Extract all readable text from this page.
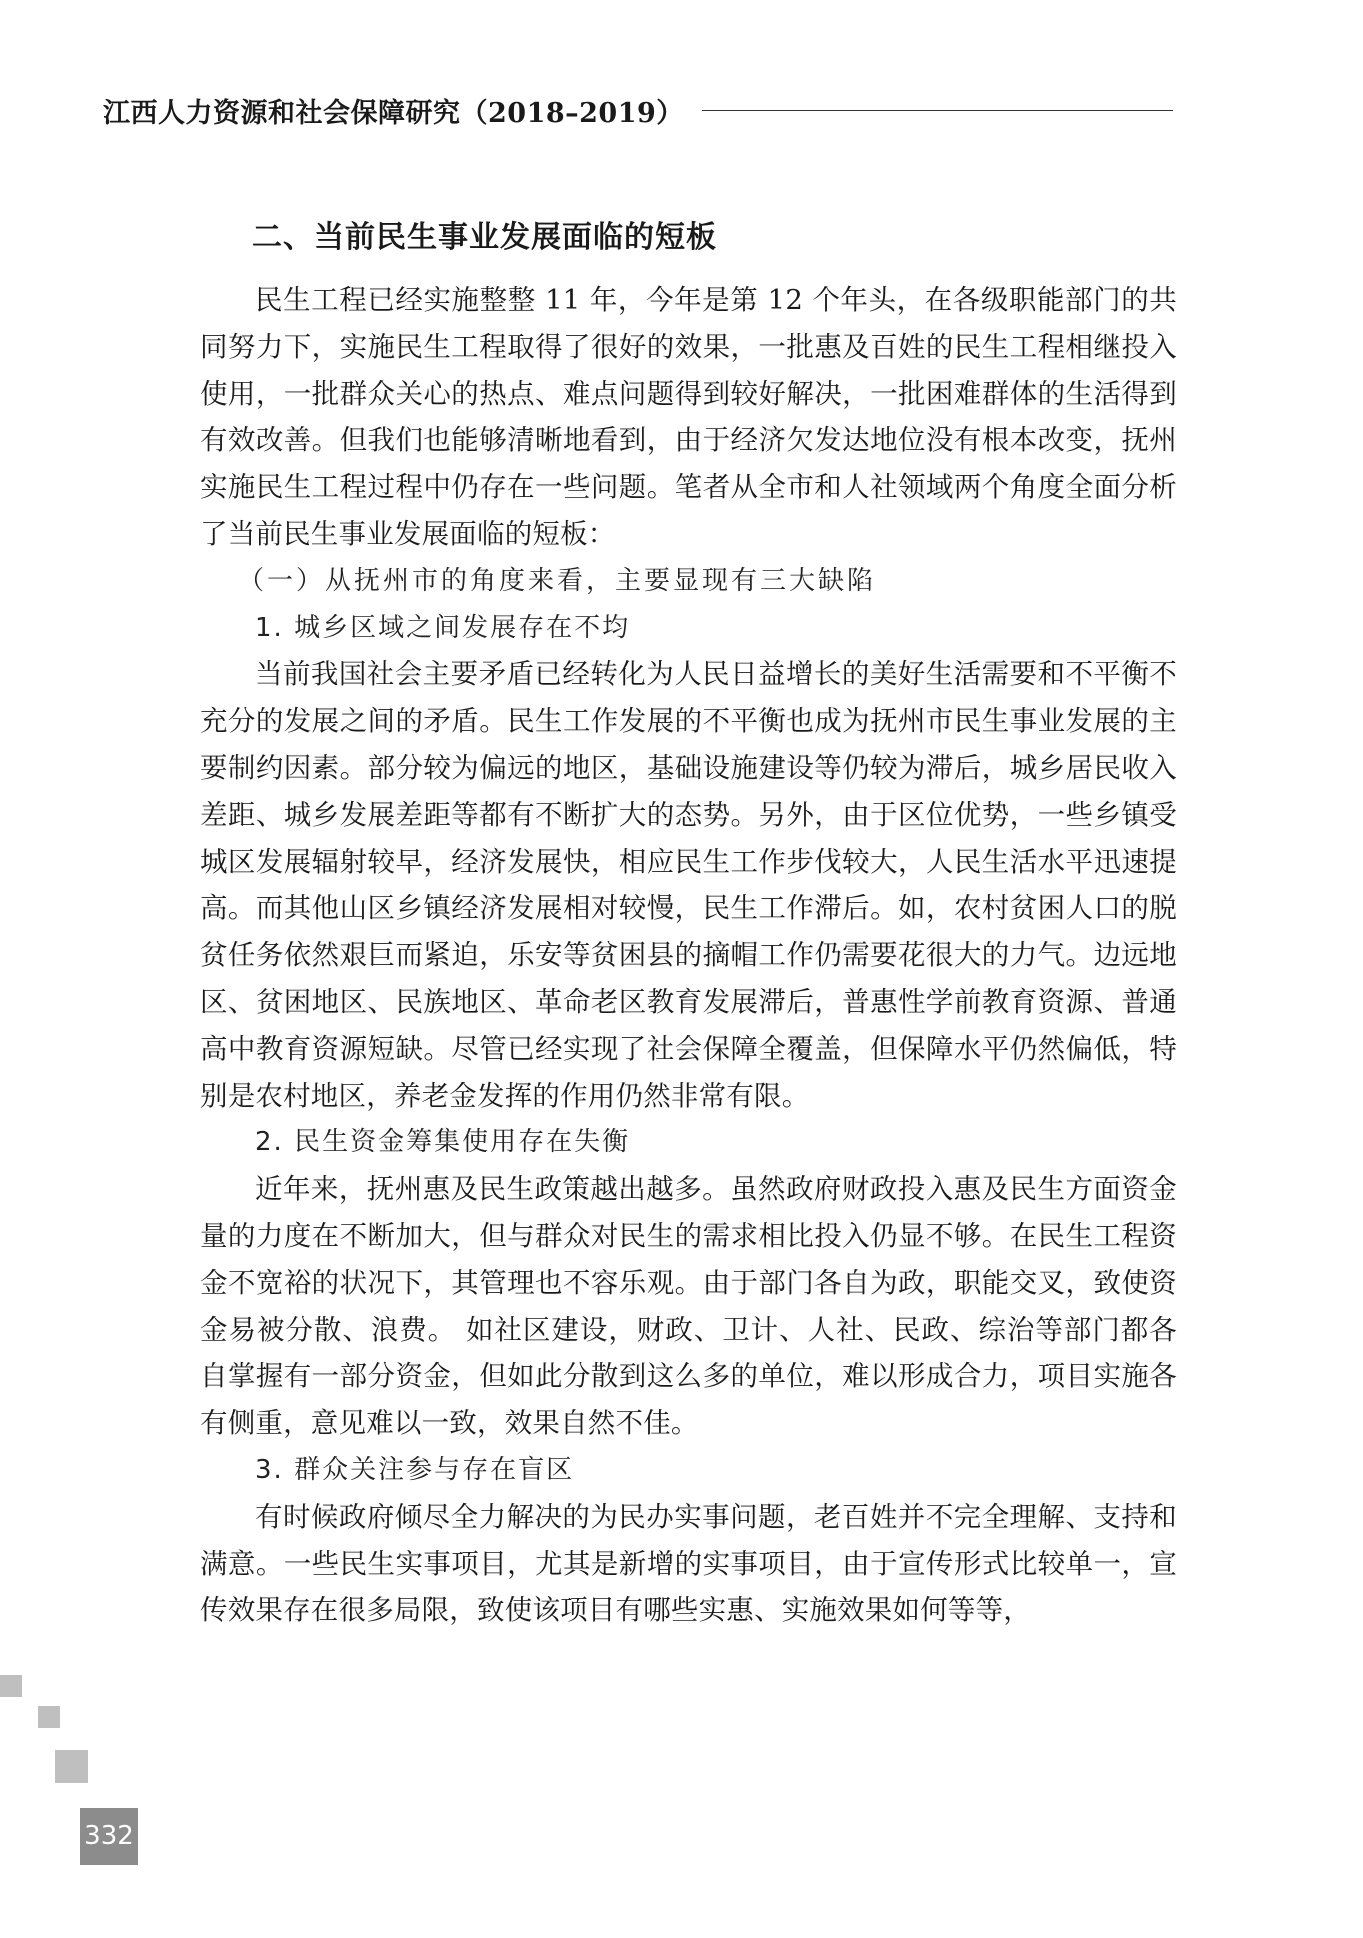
江西人力资源和社会保障研究（2018–2019）
二、当前民生事业发展面临的短板

民生工程已经实施整整 11 年，今年是第 12 个年头，在各级职能部门的共同努力下，实施民生工程取得了很好的效果，一批惠及百姓的民生工程相继投入使用，一批群众关心的热点、难点问题得到较好解决，一批困难群体的生活得到有效改善。但我们也能够清晰地看到，由于经济欠发达地位没有根本改变，抚州实施民生工程过程中仍存在一些问题。笔者从全市和人社领域两个角度全面分析了当前民生事业发展面临的短板：

（一）从抚州市的角度来看，主要显现有三大缺陷

1. 城乡区域之间发展存在不均

当前我国社会主要矛盾已经转化为人民日益增长的美好生活需要和不平衡不充分的发展之间的矛盾。民生工作发展的不平衡也成为抚州市民生事业发展的主要制约因素。部分较为偏远的地区，基础设施建设等仍较为滞后，城乡居民收入差距、城乡发展差距等都有不断扩大的态势。另外，由于区位优势，一些乡镇受城区发展辐射较早，经济发展快，相应民生工作步伐较大，人民生活水平迅速提高。而其他山区乡镇经济发展相对较慢，民生工作滞后。如，农村贫困人口的脱贫任务依然艰巨而紧迫，乐安等贫困县的摘帽工作仍需要花很大的力气。边远地区、贫困地区、民族地区、革命老区教育发展滞后，普惠性学前教育资源、普通高中教育资源短缺。尽管已经实现了社会保障全覆盖，但保障水平仍然偏低，特别是农村地区，养老金发挥的作用仍然非常有限。

2. 民生资金筹集使用存在失衡

近年来，抚州惠及民生政策越出越多。虽然政府财政投入惠及民生方面资金量的力度在不断加大，但与群众对民生的需求相比投入仍显不够。在民生工程资金不宽裕的状况下，其管理也不容乐观。由于部门各自为政，职能交叉，致使资金易被分散、浪费。 如社区建设，财政、卫计、人社、民政、综治等部门都各自掌握有一部分资金，但如此分散到这么多的单位，难以形成合力，项目实施各有侧重，意见难以一致，效果自然不佳。

3. 群众关注参与存在盲区

有时候政府倾尽全力解决的为民办实事问题，老百姓并不完全理解、支持和满意。一些民生实事项目，尤其是新增的实事项目，由于宣传形式比较单一，宣传效果存在很多局限，致使该项目有哪些实惠、实施效果如何等等，

332
